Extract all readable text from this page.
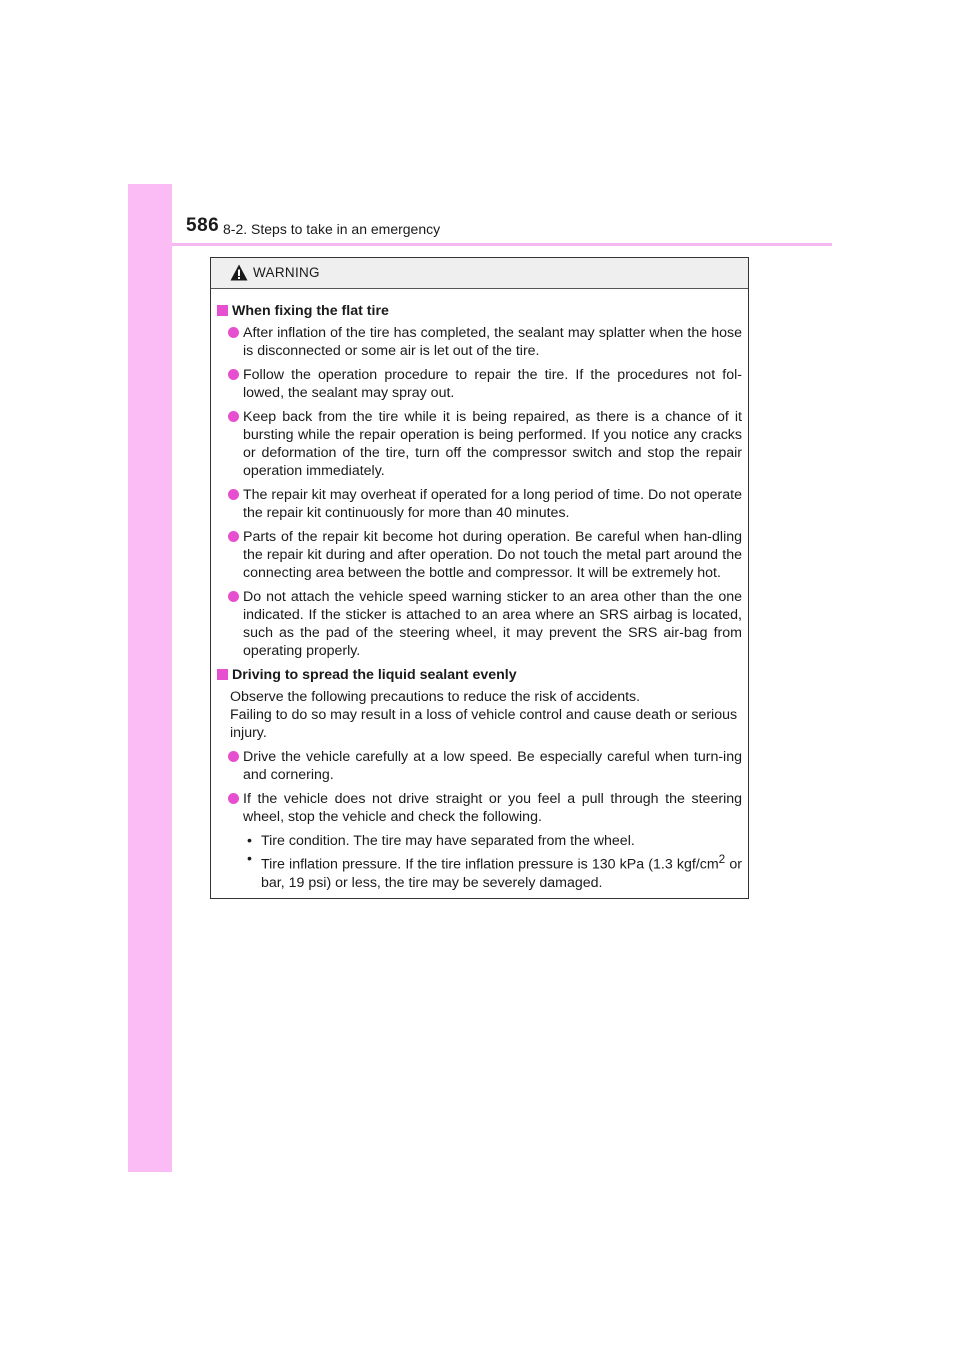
586 8-2. Steps to take in an emergency
WARNING
When fixing the flat tire
After inflation of the tire has completed, the sealant may splatter when the hose is disconnected or some air is let out of the tire.
Follow the operation procedure to repair the tire. If the procedures not fol-lowed, the sealant may spray out.
Keep back from the tire while it is being repaired, as there is a chance of it bursting while the repair operation is being performed. If you notice any cracks or deformation of the tire, turn off the compressor switch and stop the repair operation immediately.
The repair kit may overheat if operated for a long period of time. Do not operate the repair kit continuously for more than 40 minutes.
Parts of the repair kit become hot during operation. Be careful when han-dling the repair kit during and after operation. Do not touch the metal part around the connecting area between the bottle and compressor. It will be extremely hot.
Do not attach the vehicle speed warning sticker to an area other than the one indicated. If the sticker is attached to an area where an SRS airbag is located, such as the pad of the steering wheel, it may prevent the SRS air-bag from operating properly.
Driving to spread the liquid sealant evenly
Observe the following precautions to reduce the risk of accidents.
Failing to do so may result in a loss of vehicle control and cause death or serious injury.
Drive the vehicle carefully at a low speed. Be especially careful when turn-ing and cornering.
If the vehicle does not drive straight or you feel a pull through the steering wheel, stop the vehicle and check the following.
• Tire condition. The tire may have separated from the wheel.
• Tire inflation pressure. If the tire inflation pressure is 130 kPa (1.3 kgf/$cm^2$ or bar, 19 psi) or less, the tire may be severely damaged.
